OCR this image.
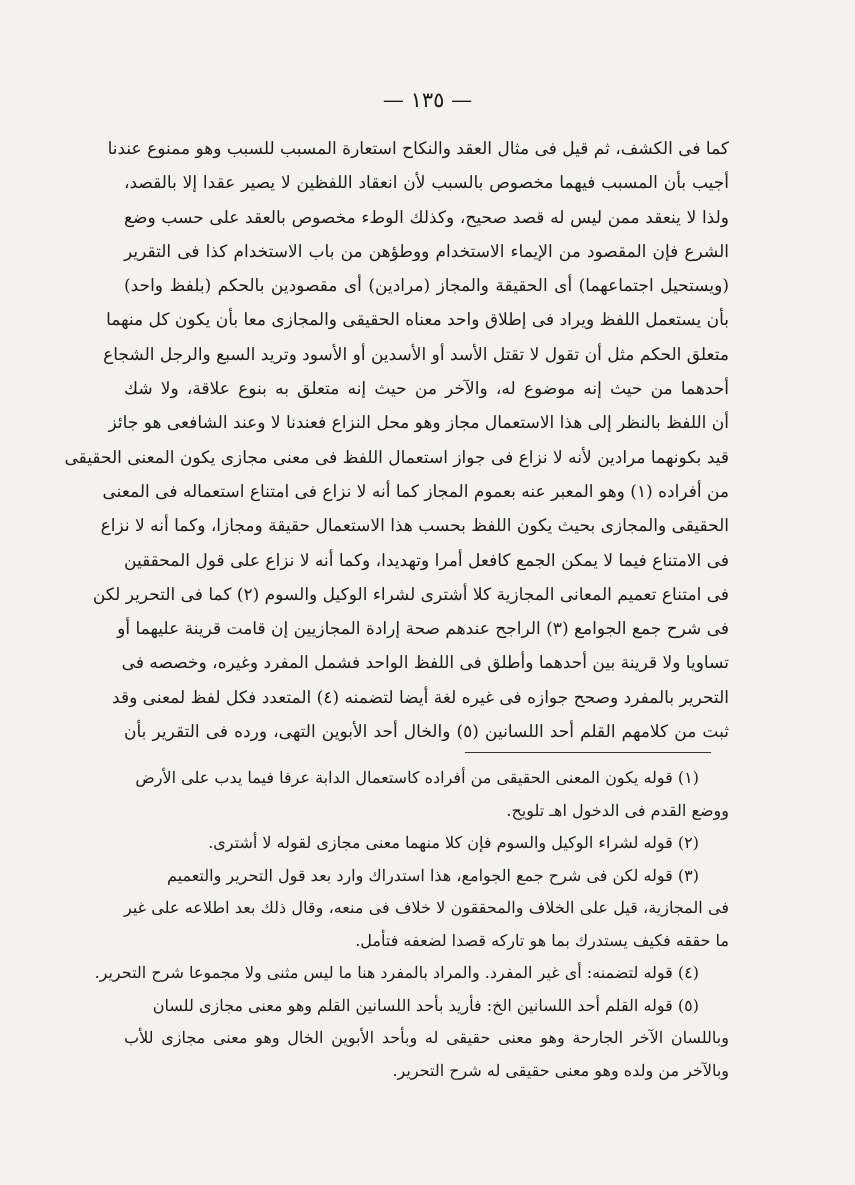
— ١٣٥ —
كما فى الكشف، ثم قيل فى مثال العقد والنكاح استعارة المسبب للسبب وهو ممنوع عندنا
أجيب بأن المسبب فيهما مخصوص بالسبب لأن انعقاد اللفظين لا يصير عقدا إلا بالقصد،
ولذا لا ينعقد ممن ليس له قصد صحيح، وكذلك الوطء مخصوص بالعقد على حسب وضع
الشرع فإن المقصود من الإيماء الاستخدام ووطؤهن من باب الاستخدام كذا فى التقرير
(ويستحيل اجتماعهما) أى الحقيقة والمجاز (مرادين) أى مقصودين بالحكم (بلفظ واحد)
بأن يستعمل اللفظ ويراد فى إطلاق واحد معناه الحقيقى والمجازى معا بأن يكون كل منهما
متعلق الحكم مثل أن تقول لا تقتل الأسد أو الأسدين أو الأسود وتريد السبع والرجل الشجاع
أحدهما من حيث إنه موضوع له، والآخر من حيث إنه متعلق به بنوع علاقة، ولا شك
أن اللفظ بالنظر إلى هذا الاستعمال مجاز وهو محل النزاع فعندنا لا وعند الشافعى هو جائز
قيد بكونهما مرادين لأنه لا نزاع فى جواز استعمال اللفظ فى معنى مجازى يكون المعنى الحقيقى
من أفراده (١) وهو المعبر عنه بعموم المجاز كما أنه لا نزاع فى امتناع استعماله فى المعنى
الحقيقى والمجازى بحيث يكون اللفظ بحسب هذا الاستعمال حقيقة ومجازا، وكما أنه لا نزاع
فى الامتناع فيما لا يمكن الجمع كافعل أمرا وتهديدا، وكما أنه لا نزاع على قول المحققين
فى امتناع تعميم المعانى المجازية كلا أشترى لشراء الوكيل والسوم (٢) كما فى التحرير لكن
فى شرح جمع الجوامع (٣) الراجح عندهم صحة إرادة المجازيين إن قامت قرينة عليهما أو
تساويا ولا قرينة بين أحدهما وأطلق فى اللفظ الواحد فشمل المفرد وغيره، وخصصه فى
التحرير بالمفرد وصحح جوازه فى غيره لغة أيضا لتضمنه (٤) المتعدد فكل لفظ لمعنى وقد
ثبت من كلامهم القلم أحد اللسانين (٥) والخال أحد الأبوين التهى، ورده فى التقرير بأن
(١) قوله يكون المعنى الحقيقى من أفراده كاستعمال الدابة عرفا فيما يدب على الأرض
ووضع القدم فى الدخول اهـ تلويح.
(٢) قوله لشراء الوكيل والسوم فإن كلا منهما معنى مجازى لقوله لا أشترى.
(٣) قوله لكن فى شرح جمع الجوامع، هذا استدراك وارد بعد قول التحرير والتعميم
فى المجازية، قيل على الخلاف والمحققون لا خلاف فى منعه، وقال ذلك بعد اطلاعه على غير
ما حققه فكيف يستدرك بما هو تاركه قصدا لضعفه فتأمل.
(٤) قوله لتضمنه: أى غير المفرد. والمراد بالمفرد هنا ما ليس مثنى ولا مجموعا شرح التحرير.
(٥) قوله القلم أحد اللسانين الخ: فأريد بأحد اللسانين القلم وهو معنى مجازى للسان
وباللسان الآخر الجارحة وهو معنى حقيقى له وبأحد الأبوين الخال وهو معنى مجازى للأب
وبالآخر من ولده وهو معنى حقيقى له شرح التحرير.
